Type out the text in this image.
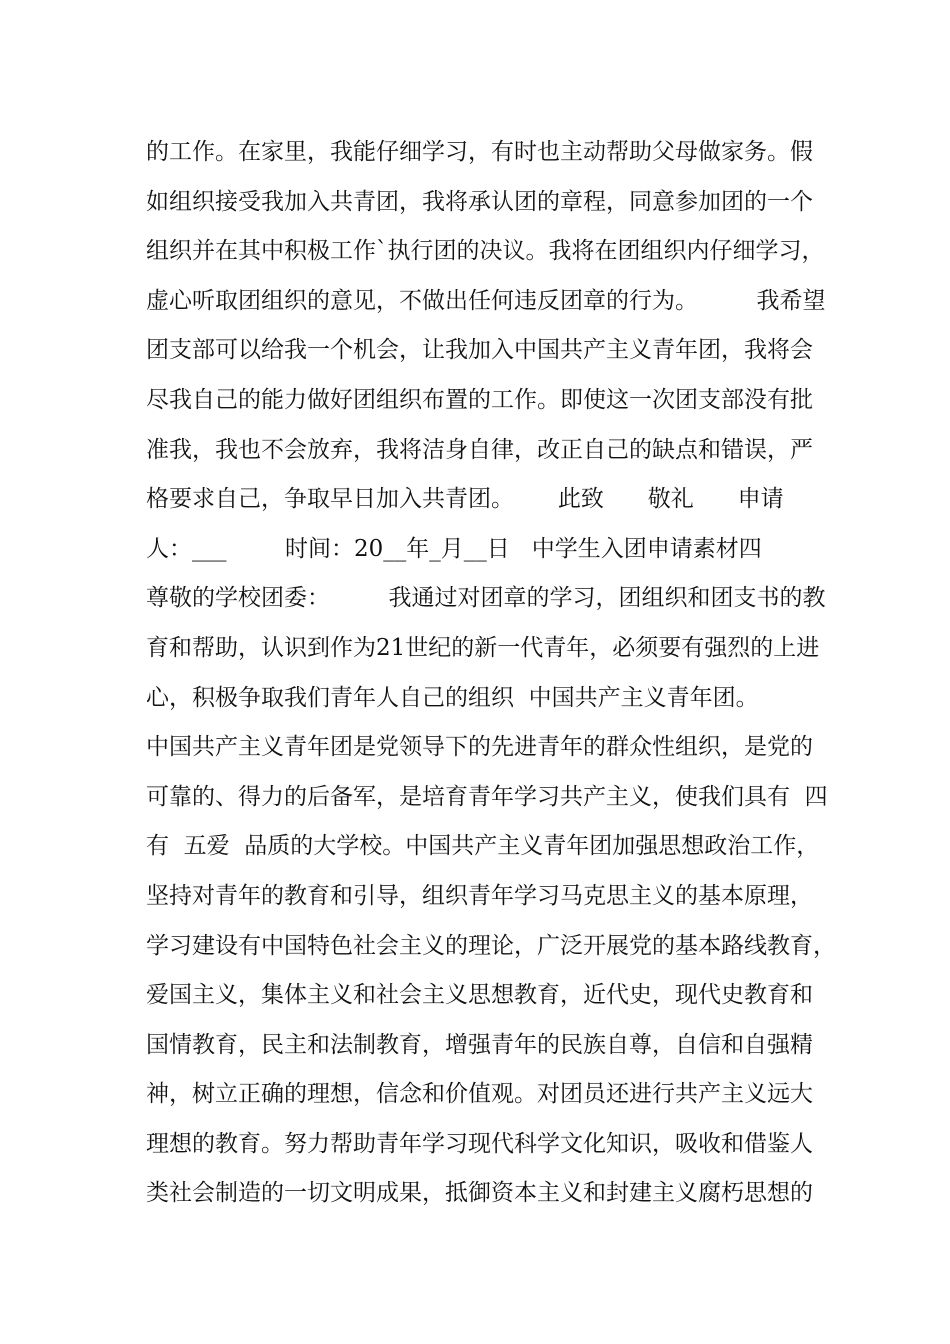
的工作。在家里，我能仔细学习，有时也主动帮助父母做家务。假
如组织接受我加入共青团，我将承认团的章程，同意参加团的一个
组织并在其中积极工作`执行团的决议。我将在团组织内仔细学习，
虚心听取团组织的意见，不做出任何违反团章的行为。        我希望
团支部可以给我一个机会，让我加入中国共产主义青年团，我将会
尽我自己的能力做好团组织布置的工作。即使这一次团支部没有批
准我，我也不会放弃，我将洁身自律，改正自己的缺点和错误，严
格要求自己，争取早日加入共青团。      此致      敬礼      申请
人：___        时间：20__年_月__日   中学生入团申请素材四
尊敬的学校团委：        我通过对团章的学习，团组织和团支书的教
育和帮助，认识到作为21世纪的新一代青年，必须要有强烈的上进
心，积极争取我们青年人自己的组织  中国共产主义青年团。
中国共产主义青年团是党领导下的先进青年的群众性组织，是党的
可靠的、得力的后备军，是培育青年学习共产主义，使我们具有  四
有  五爱  品质的大学校。中国共产主义青年团加强思想政治工作，
坚持对青年的教育和引导，组织青年学习马克思主义的基本原理，
学习建设有中国特色社会主义的理论，广泛开展党的基本路线教育，
爱国主义，集体主义和社会主义思想教育，近代史，现代史教育和
国情教育，民主和法制教育，增强青年的民族自尊，自信和自强精
神，树立正确的理想，信念和价值观。对团员还进行共产主义远大
理想的教育。努力帮助青年学习现代科学文化知识，吸收和借鉴人
类社会制造的一切文明成果，抵御资本主义和封建主义腐朽思想的
